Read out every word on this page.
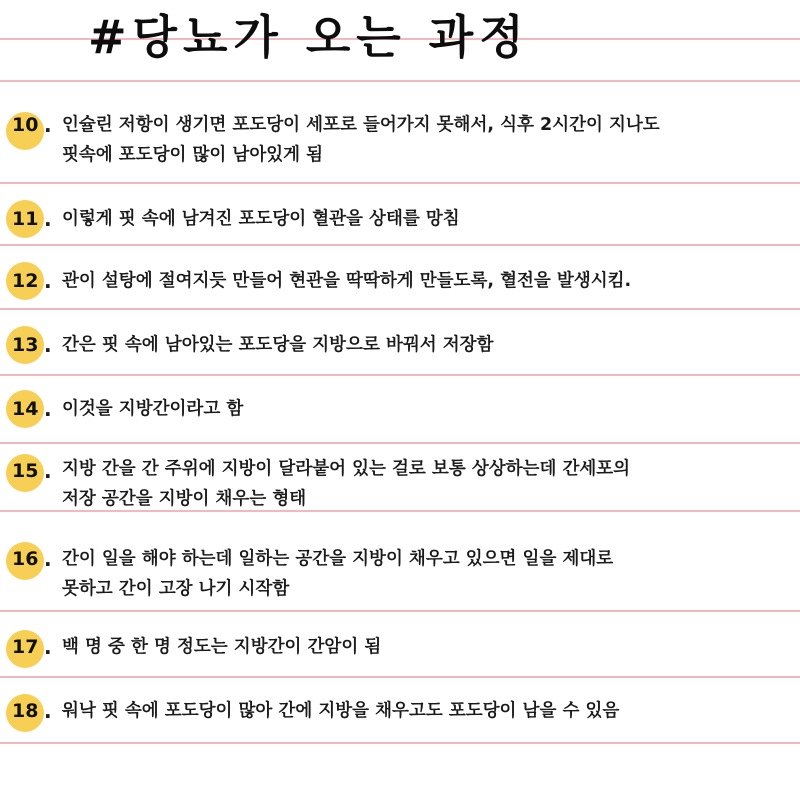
#당뇨가 오는 과정
10 . 인슐린 저항이 생기면 포도당이 세포로 들어가지 못해서, 식후 2시간이 지나도
핏속에 포도당이 많이 남아있게 됨
11 . 이렇게 핏 속에 남겨진 포도당이 혈관을 상태를 망침
12 . 관이 설탕에 절여지듯 만들어 현관을 딱딱하게 만들도록, 혈전을 발생시킴.
13 . 간은 핏 속에 남아있는 포도당을 지방으로 바꿔서 저장함
14 . 이것을 지방간이라고 함
15 . 지방 간을 간 주위에 지방이 달라붙어 있는 걸로 보통 상상하는데 간세포의
저장 공간을 지방이 채우는 형태
16 . 간이 일을 해야 하는데 일하는 공간을 지방이 채우고 있으면 일을 제대로
못하고 간이 고장 나기 시작함
17 . 백 명 중 한 명 정도는 지방간이 간암이 됨
18 . 워낙 핏 속에 포도당이 많아 간에 지방을 채우고도 포도당이 남을 수 있음
